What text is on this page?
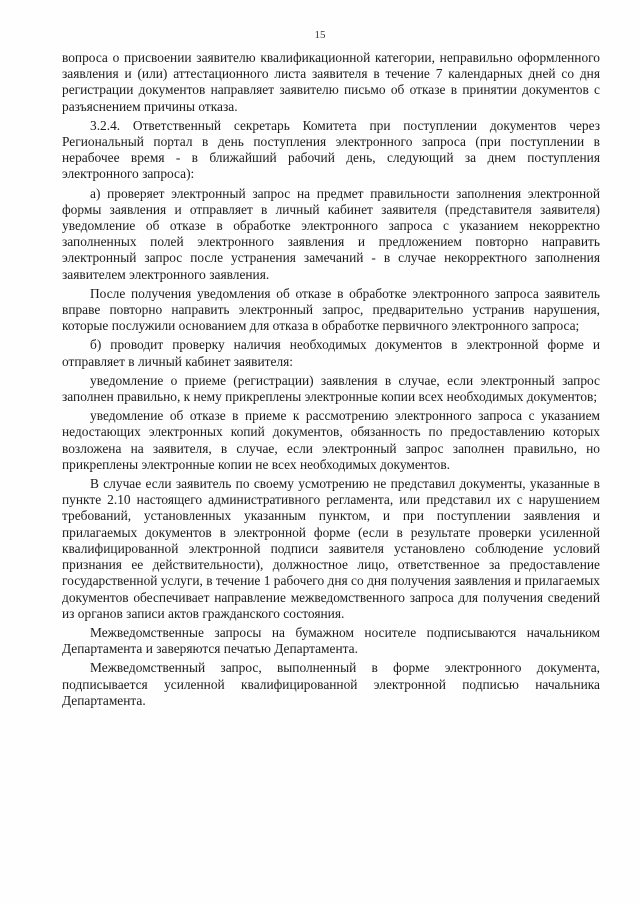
15

вопроса о присвоении заявителю квалификационной категории, неправильно оформленного заявления и (или) аттестационного листа заявителя в течение 7 календарных дней со дня регистрации документов направляет заявителю письмо об отказе в принятии документов с разъяснением причины отказа.

3.2.4. Ответственный секретарь Комитета при поступлении документов через Региональный портал в день поступления электронного запроса (при поступлении в нерабочее время - в ближайший рабочий день, следующий за днем поступления электронного запроса):

а) проверяет электронный запрос на предмет правильности заполнения электронной формы заявления и отправляет в личный кабинет заявителя (представителя заявителя) уведомление об отказе в обработке электронного запроса с указанием некорректно заполненных полей электронного заявления и предложением повторно направить электронный запрос после устранения замечаний - в случае некорректного заполнения заявителем электронного заявления.

После получения уведомления об отказе в обработке электронного запроса заявитель вправе повторно направить электронный запрос, предварительно устранив нарушения, которые послужили основанием для отказа в обработке первичного электронного запроса;

б) проводит проверку наличия необходимых документов в электронной форме и отправляет в личный кабинет заявителя:

уведомление о приеме (регистрации) заявления в случае, если электронный запрос заполнен правильно, к нему прикреплены электронные копии всех необходимых документов;

уведомление об отказе в приеме к рассмотрению электронного запроса с указанием недостающих электронных копий документов, обязанность по предоставлению которых возложена на заявителя, в случае, если электронный запрос заполнен правильно, но прикреплены электронные копии не всех необходимых документов.

В случае если заявитель по своему усмотрению не представил документы, указанные в пункте 2.10 настоящего административного регламента, или представил их с нарушением требований, установленных указанным пунктом, и при поступлении заявления и прилагаемых документов в электронной форме (если в результате проверки усиленной квалифицированной электронной подписи заявителя установлено соблюдение условий признания ее действительности), должностное лицо, ответственное за предоставление государственной услуги, в течение 1 рабочего дня со дня получения заявления и прилагаемых документов обеспечивает направление межведомственного запроса для получения сведений из органов записи актов гражданского состояния.

Межведомственные запросы на бумажном носителе подписываются начальником Департамента и заверяются печатью Департамента.

Межведомственный запрос, выполненный в форме электронного документа, подписывается усиленной квалифицированной электронной подписью начальника Департамента.
